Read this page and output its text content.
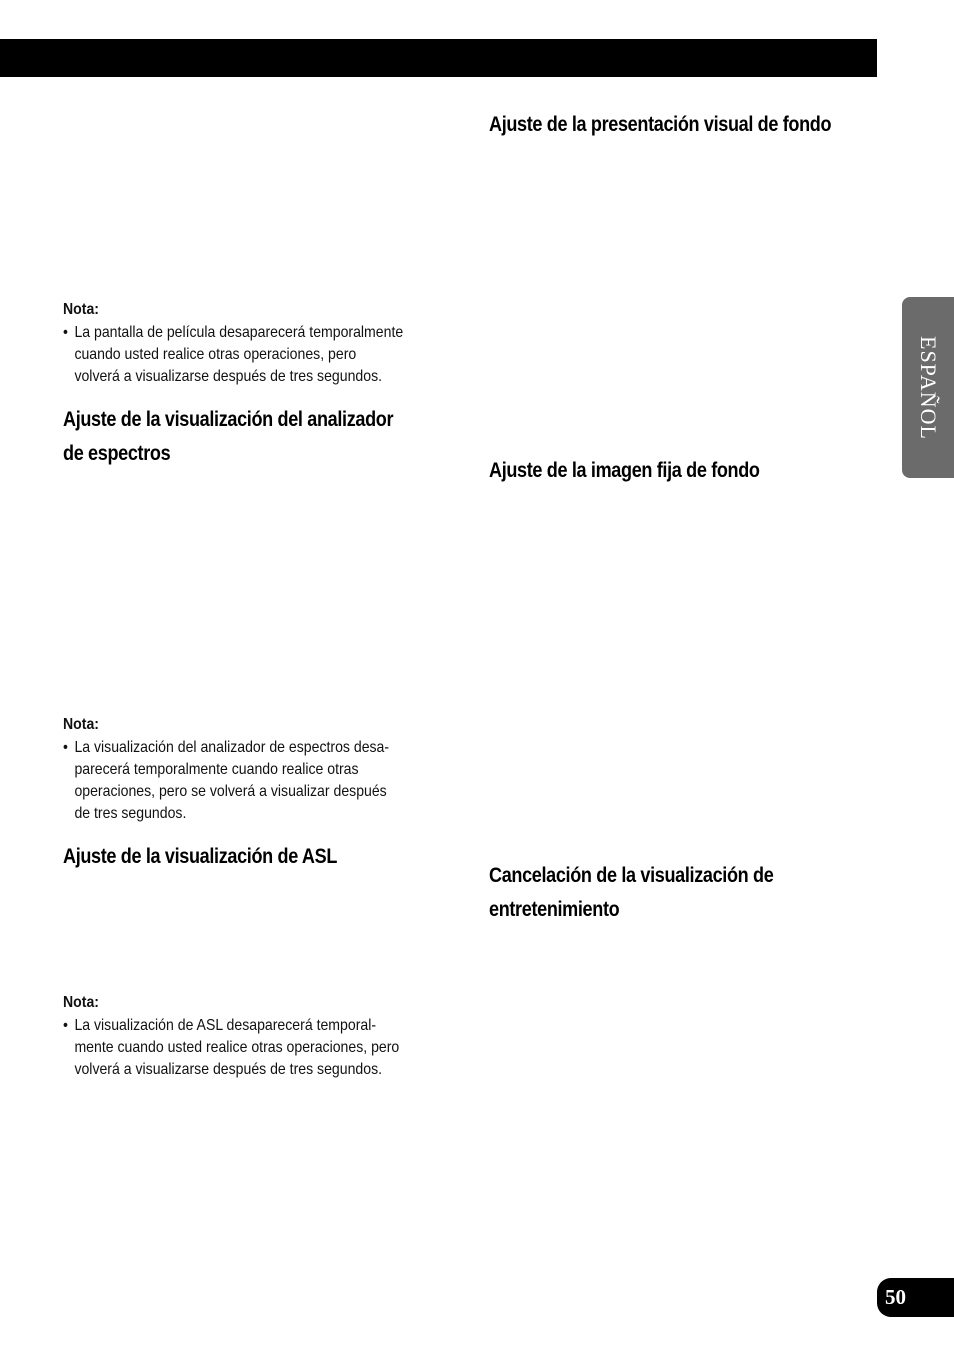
Nota:
• La pantalla de película desaparecerá temporalmente
cuando usted realice otras operaciones, pero
volverá a visualizarse después de tres segundos.
Ajuste de la visualización del analizador
de espectros
Nota:
• La visualización del analizador de espectros desa-
parecerá temporalmente cuando realice otras
operaciones, pero se volverá a visualizar después
de tres segundos.
Ajuste de la visualización de ASL
Nota:
• La visualización de ASL desaparecerá temporal-
mente cuando usted realice otras operaciones, pero
volverá a visualizarse después de tres segundos.
Ajuste de la presentación visual de fondo
Ajuste de la imagen fija de fondo
Cancelación de la visualización de
entretenimiento
ESPAÑOL
50
